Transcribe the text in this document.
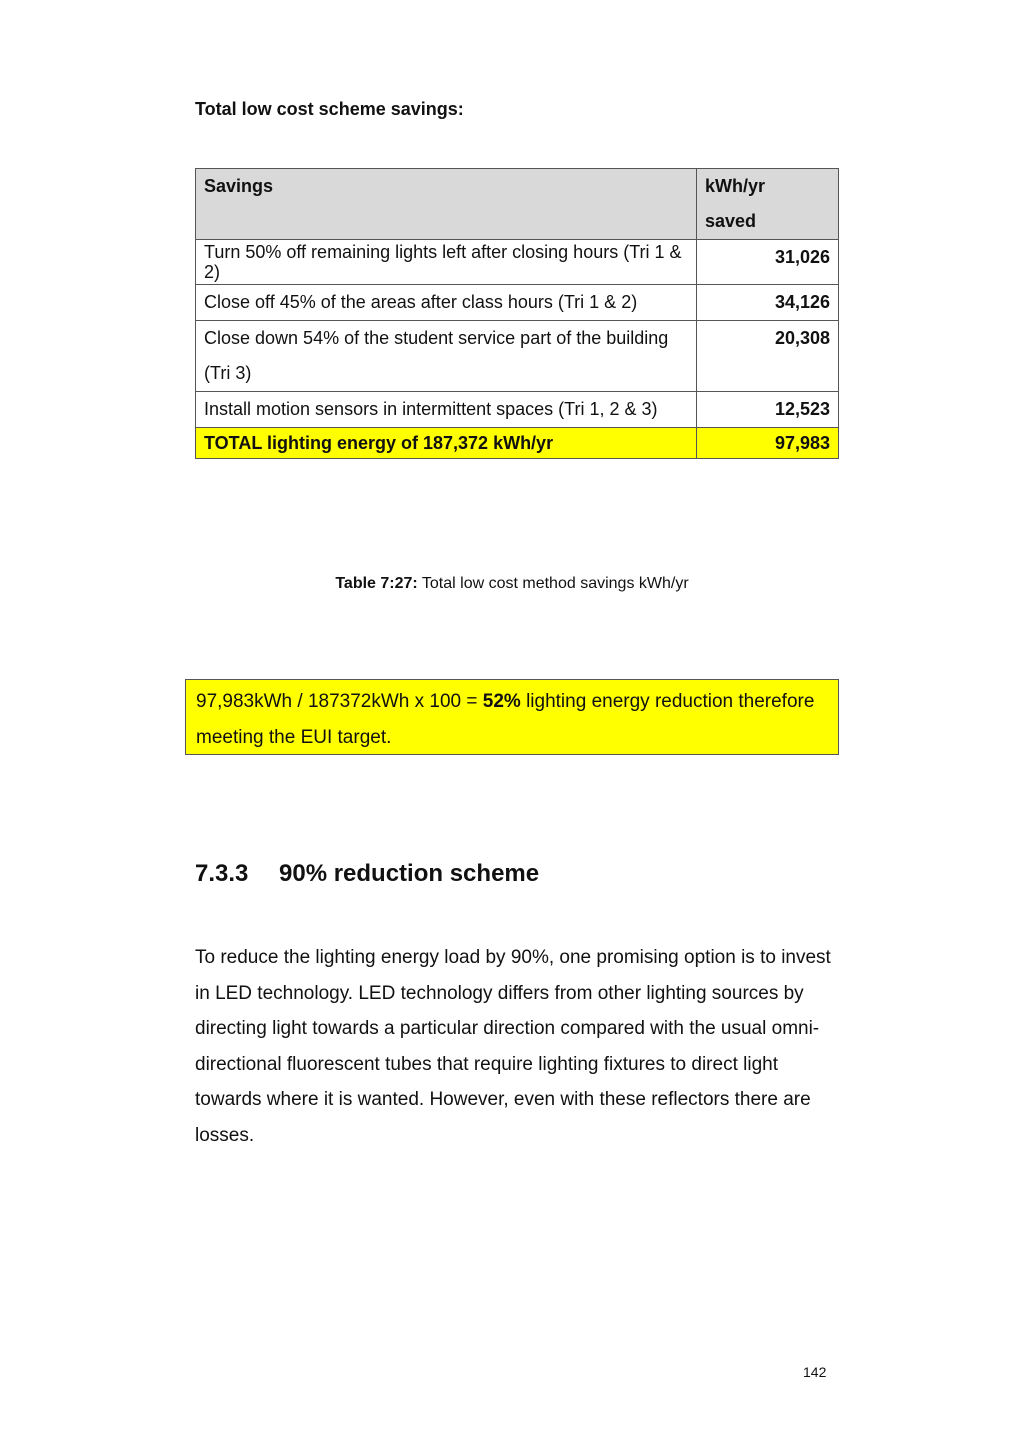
Total low cost scheme savings:
Savings	kWh/yr
saved
Turn 50% off remaining lights left after closing hours (Tri 1 & 2)	31,026
Close off 45% of the areas after class hours (Tri 1 & 2)	34,126
Close down 54% of the student service part of the building (Tri 3)	20,308
Install motion sensors in intermittent spaces (Tri 1, 2 & 3)	12,523
TOTAL lighting energy of 187,372 kWh/yr	97,983
Table 7:27: Total low cost method savings kWh/yr
97,983kWh / 187372kWh x 100 = 52% lighting energy reduction therefore meeting the EUI target.
7.3.3 90% reduction scheme

To reduce the lighting energy load by 90%, one promising option is to invest in LED technology. LED technology differs from other lighting sources by directing light towards a particular direction compared with the usual omni-directional fluorescent tubes that require lighting fixtures to direct light towards where it is wanted. However, even with these reflectors there are losses.

142
